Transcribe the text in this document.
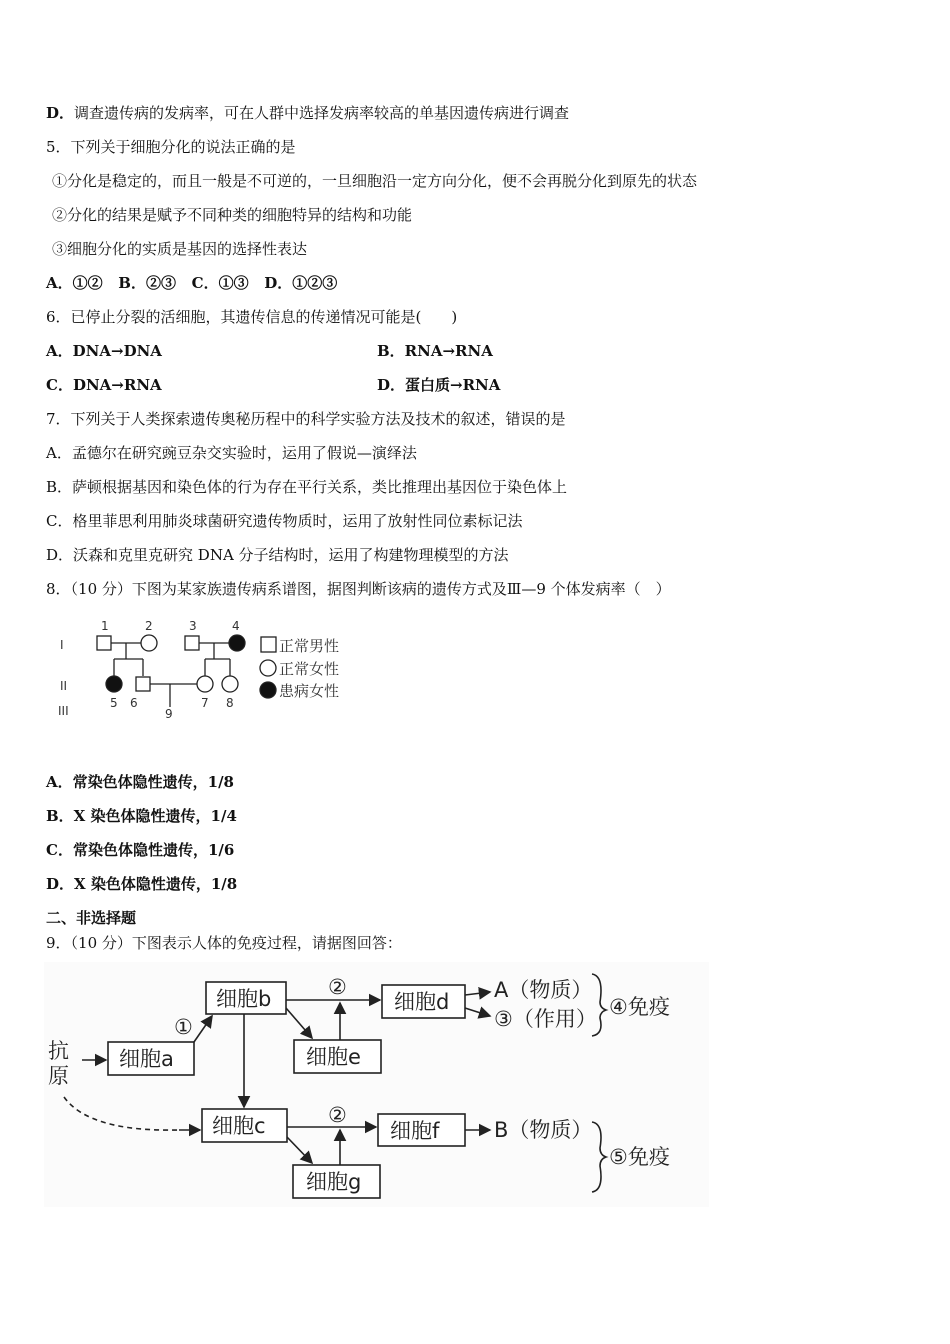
D．调查遗传病的发病率，可在人群中选择发病率较高的单基因遗传病进行调查
5．下列关于细胞分化的说法正确的是
①分化是稳定的，而且一般是不可逆的，一旦细胞沿一定方向分化，便不会再脱分化到原先的状态
②分化的结果是赋予不同种类的细胞特异的结构和功能
③细胞分化的实质是基因的选择性表达
A．①②   B．②③   C．①③   D．①②③
6．已停止分裂的活细胞，其遗传信息的传递情况可能是(　　)
A．DNA→DNA	B．RNA→RNA
C．DNA→RNA	D．蛋白质→RNA
7．下列关于人类探索遗传奥秘历程中的科学实验方法及技术的叙述，错误的是
A．孟德尔在研究豌豆杂交实验时，运用了假说—演绎法
B．萨顿根据基因和染色体的行为存在平行关系，类比推理出基因位于染色体上
C．格里菲思利用肺炎球菌研究遗传物质时，运用了放射性同位素标记法
D．沃森和克里克研究 DNA 分子结构时，运用了构建物理模型的方法
8．（10 分）下图为某家族遗传病系谱图，据图判断该病的遗传方式及Ⅲ—9 个体发病率（　）
I
II
III
1	2	3	4
5 6	7 8
9
正常男性
正常女性
患病女性
A．常染色体隐性遗传，1/8
B．X 染色体隐性遗传，1/4
C．常染色体隐性遗传，1/6
D．X 染色体隐性遗传，1/8
二、非选择题
9．（10 分）下图表示人体的免疫过程，请据图回答：
抗
原
细胞a
细胞b
细胞e
细胞d
细胞c	细胞f
细胞g
①
②
②
A（物质）
③（作用）
B（物质）
④免疫
⑤免疫
